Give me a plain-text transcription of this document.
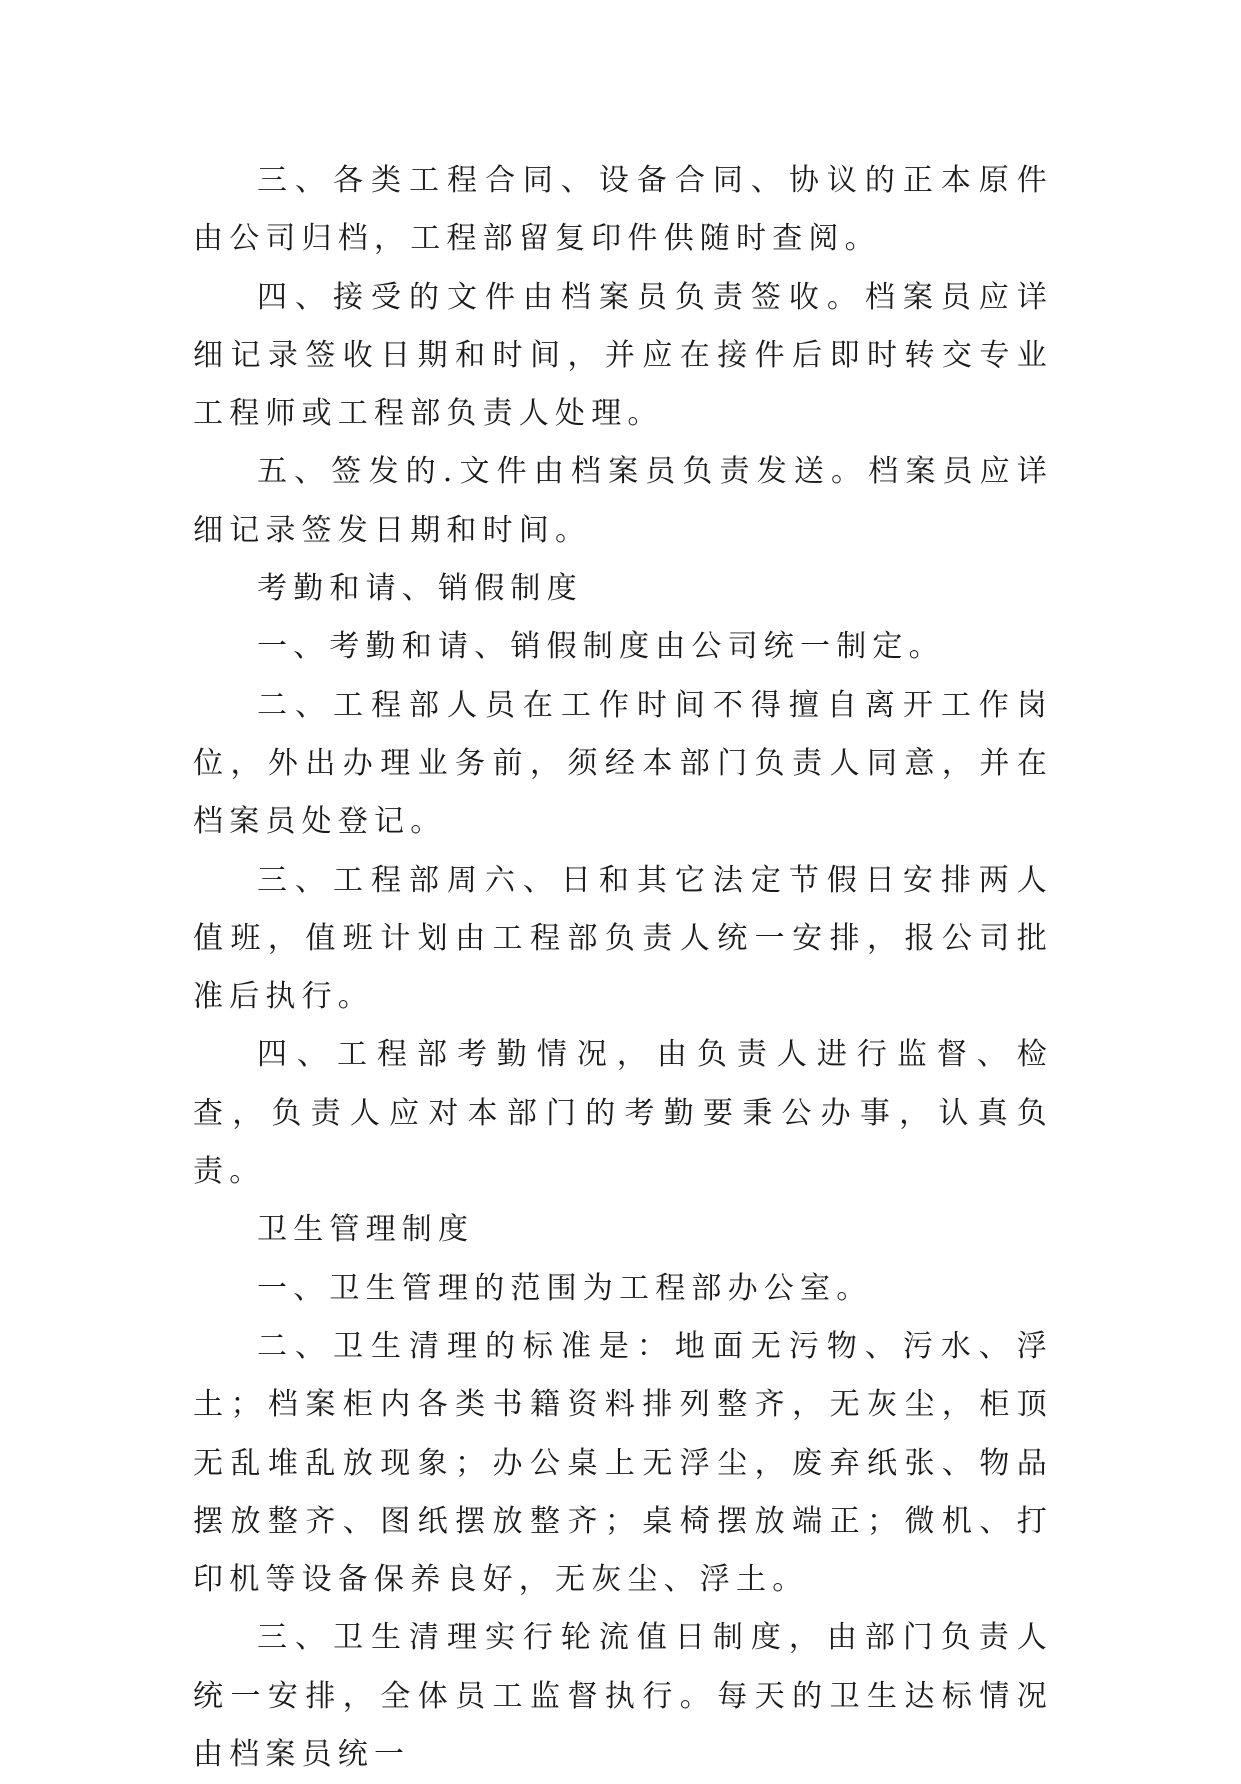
三、各类工程合同、设备合同、协议的正本原件由公司归档，工程部留复印件供随时查阅。

四、接受的文件由档案员负责签收。档案员应详细记录签收日期和时间，并应在接件后即时转交专业工程师或工程部负责人处理。

五、签发的.文件由档案员负责发送。档案员应详细记录签发日期和时间。

考勤和请、销假制度

一、考勤和请、销假制度由公司统一制定。

二、工程部人员在工作时间不得擅自离开工作岗位，外出办理业务前，须经本部门负责人同意，并在档案员处登记。

三、工程部周六、日和其它法定节假日安排两人值班，值班计划由工程部负责人统一安排，报公司批准后执行。

四、工程部考勤情况，由负责人进行监督、检查，负责人应对本部门的考勤要秉公办事，认真负责。

卫生管理制度

一、卫生管理的范围为工程部办公室。

二、卫生清理的标准是：地面无污物、污水、浮土；档案柜内各类书籍资料排列整齐，无灰尘，柜顶无乱堆乱放现象；办公桌上无浮尘，废弃纸张、物品摆放整齐、图纸摆放整齐；桌椅摆放端正；微机、打印机等设备保养良好，无灰尘、浮土。

三、卫生清理实行轮流值日制度，由部门负责人统一安排，全体员工监督执行。每天的卫生达标情况由档案员统一
